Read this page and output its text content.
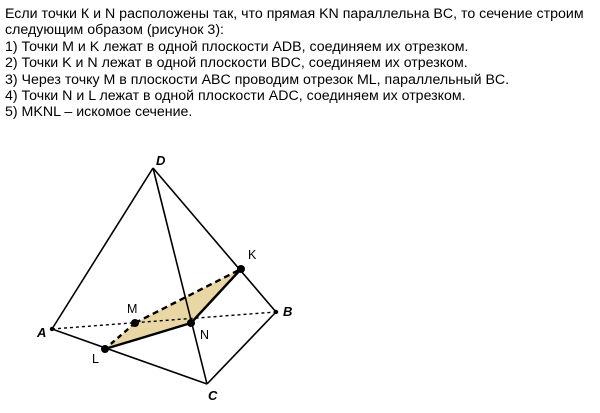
Если точки К и N расположены так, что прямая KN параллельна BC, то сечение строим
следующим образом (рисунок 3):
1) Точки M и K лежат в одной плоскости ADB, соединяем их отрезком.
2) Точки K и N лежат в одной плоскости BDC, соединяем их отрезком.
3) Через точку М в плоскости ABC проводим отрезок ML, параллельный BC.
4) Точки N и L лежат в одной плоскости ADC, соединяем их отрезком.
5) MKNL – искомое сечение.
D
A
B
C
K
M
N
L
